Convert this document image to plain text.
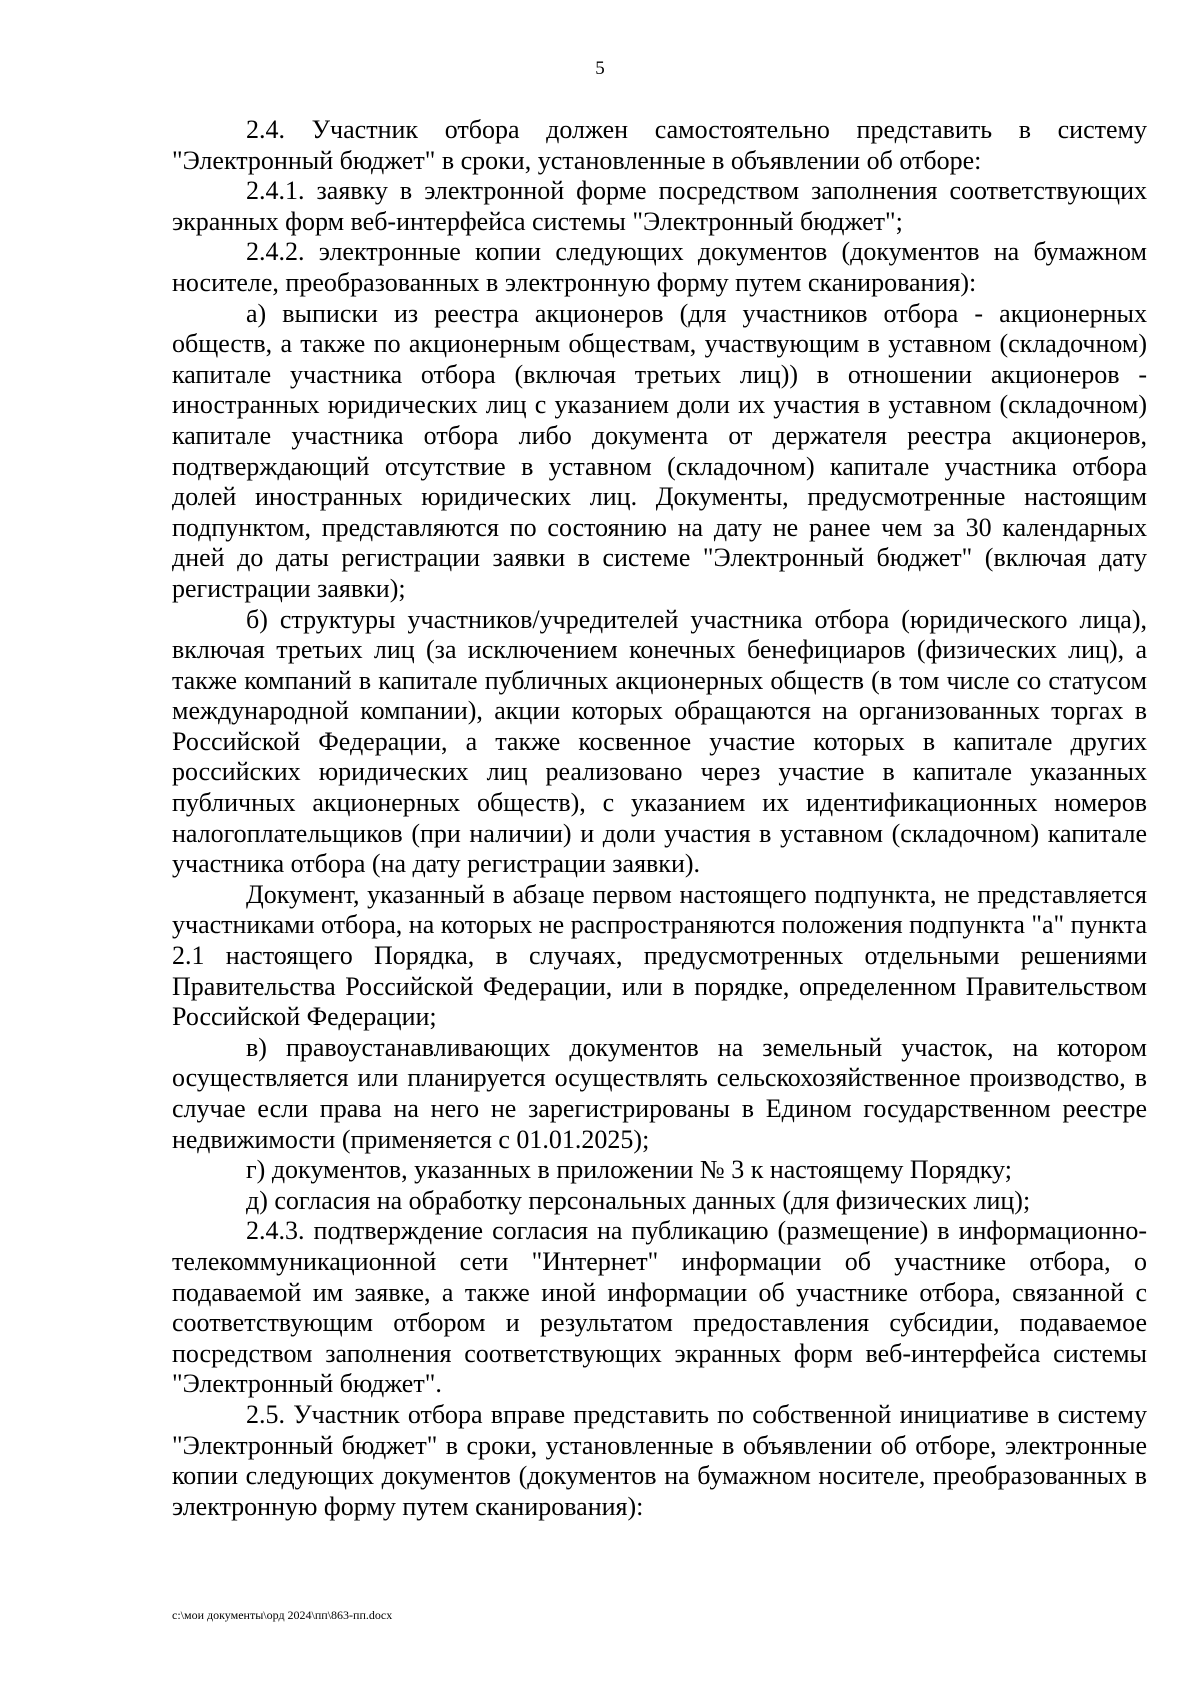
5

2.4. Участник отбора должен самостоятельно представить в систему "Электронный бюджет" в сроки, установленные в объявлении об отборе:

2.4.1. заявку в электронной форме посредством заполнения соответствующих экранных форм веб-интерфейса системы "Электронный бюджет";

2.4.2. электронные копии следующих документов (документов на бумажном носителе, преобразованных в электронную форму путем сканирования):

а) выписки из реестра акционеров (для участников отбора - акционерных обществ, а также по акционерным обществам, участвующим в уставном (складочном) капитале участника отбора (включая третьих лиц)) в отношении акционеров - иностранных юридических лиц с указанием доли их участия в уставном (складочном) капитале участника отбора либо документа от держателя реестра акционеров, подтверждающий отсутствие в уставном (складочном) капитале участника отбора долей иностранных юридических лиц. Документы, предусмотренные настоящим подпунктом, представляются по состоянию на дату не ранее чем за 30 календарных дней до даты регистрации заявки в системе "Электронный бюджет" (включая дату регистрации заявки);

б) структуры участников/учредителей участника отбора (юридического лица), включая третьих лиц (за исключением конечных бенефициаров (физических лиц), а также компаний в капитале публичных акционерных обществ (в том числе со статусом международной компании), акции которых обращаются на организованных торгах в Российской Федерации, а также косвенное участие которых в капитале других российских юридических лиц реализовано через участие в капитале указанных публичных акционерных обществ), с указанием их идентификационных номеров налогоплательщиков (при наличии) и доли участия в уставном (складочном) капитале участника отбора (на дату регистрации заявки).

Документ, указанный в абзаце первом настоящего подпункта, не представляется участниками отбора, на которых не распространяются положения подпункта "а" пункта 2.1 настоящего Порядка, в случаях, предусмотренных отдельными решениями Правительства Российской Федерации, или в порядке, определенном Правительством Российской Федерации;

в) правоустанавливающих документов на земельный участок, на котором осуществляется или планируется осуществлять сельскохозяйственное производство, в случае если права на него не зарегистрированы в Едином государственном реестре недвижимости (применяется с 01.01.2025);

г) документов, указанных в приложении № 3 к настоящему Порядку;

д) согласия на обработку персональных данных (для физических лиц);

2.4.3. подтверждение согласия на публикацию (размещение) в информационно-телекоммуникационной сети "Интернет" информации об участнике отбора, о подаваемой им заявке, а также иной информации об участнике отбора, связанной с соответствующим отбором и результатом предоставления субсидии, подаваемое посредством заполнения соответствующих экранных форм веб-интерфейса системы "Электронный бюджет".

2.5. Участник отбора вправе представить по собственной инициативе в систему "Электронный бюджет" в сроки, установленные в объявлении об отборе, электронные копии следующих документов (документов на бумажном носителе, преобразованных в электронную форму путем сканирования):

c:\мои документы\орд 2024\пп\863-пп.docx
